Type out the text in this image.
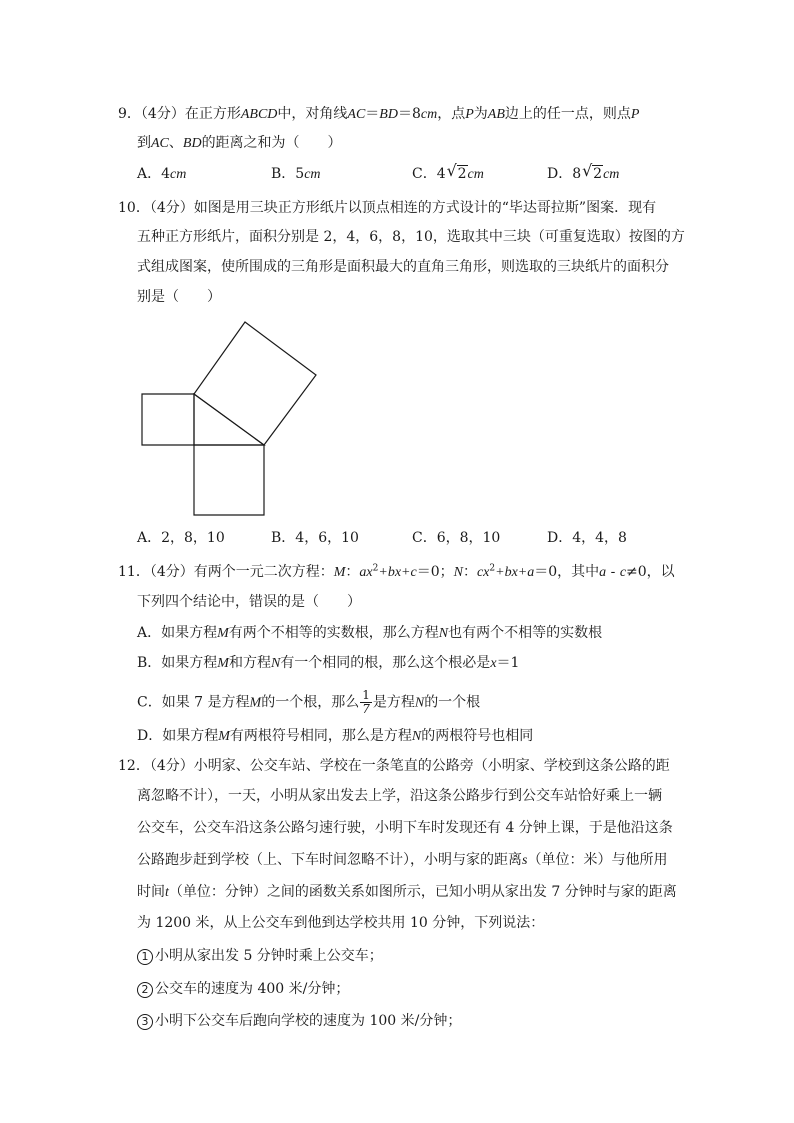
9．（4分）在正方形ABCD中，对角线AC＝BD＝8cm，点P为AB边上的任一点，则点P
到AC、BD的距离之和为（　　）
A．4cm	B．5cm	C．4 √ 2cm	D．8 √ 2cm
10．（4分）如图是用三块正方形纸片以顶点相连的方式设计的“毕达哥拉斯”图案．现有
五种正方形纸片，面积分别是 2，4，6，8，10，选取其中三块（可重复选取）按图的方
式组成图案，使所围成的三角形是面积最大的直角三角形，则选取的三块纸片的面积分
别是（　　）
A．2，8，10	B．4，6，10	C．6，8，10	D．4，4，8
11．（4分）有两个一元二次方程：M：$ax^2+bx+c=0$；N：$cx^2+bx+a=0$，其中a - c≠0，以
下列四个结论中，错误的是（　　）
A．如果方程M有两个不相等的实数根，那么方程N也有两个不相等的实数根
B．如果方程M和方程N有一个相同的根，那么这个根必是x＝1
C．如果 7 是方程M的一个根，那么 $\frac{1}{7}$ 是方程N的一个根
D．如果方程M有两根符号相同，那么是方程N的两根符号也相同
12．（4分）小明家、公交车站、学校在一条笔直的公路旁（小明家、学校到这条公路的距
离忽略不计），一天，小明从家出发去上学，沿这条公路步行到公交车站恰好乘上一辆
公交车，公交车沿这条公路匀速行驶，小明下车时发现还有 4 分钟上课，于是他沿这条
公路跑步赶到学校（上、下车时间忽略不计），小明与家的距离s（单位：米）与他所用
时间t（单位：分钟）之间的函数关系如图所示，已知小明从家出发 7 分钟时与家的距离
为 1200 米，从上公交车到他到达学校共用 10 分钟，下列说法：
1 小明从家出发 5 分钟时乘上公交车；
2 公交车的速度为 400 米/分钟；
3 小明下公交车后跑向学校的速度为 100 米/分钟；
